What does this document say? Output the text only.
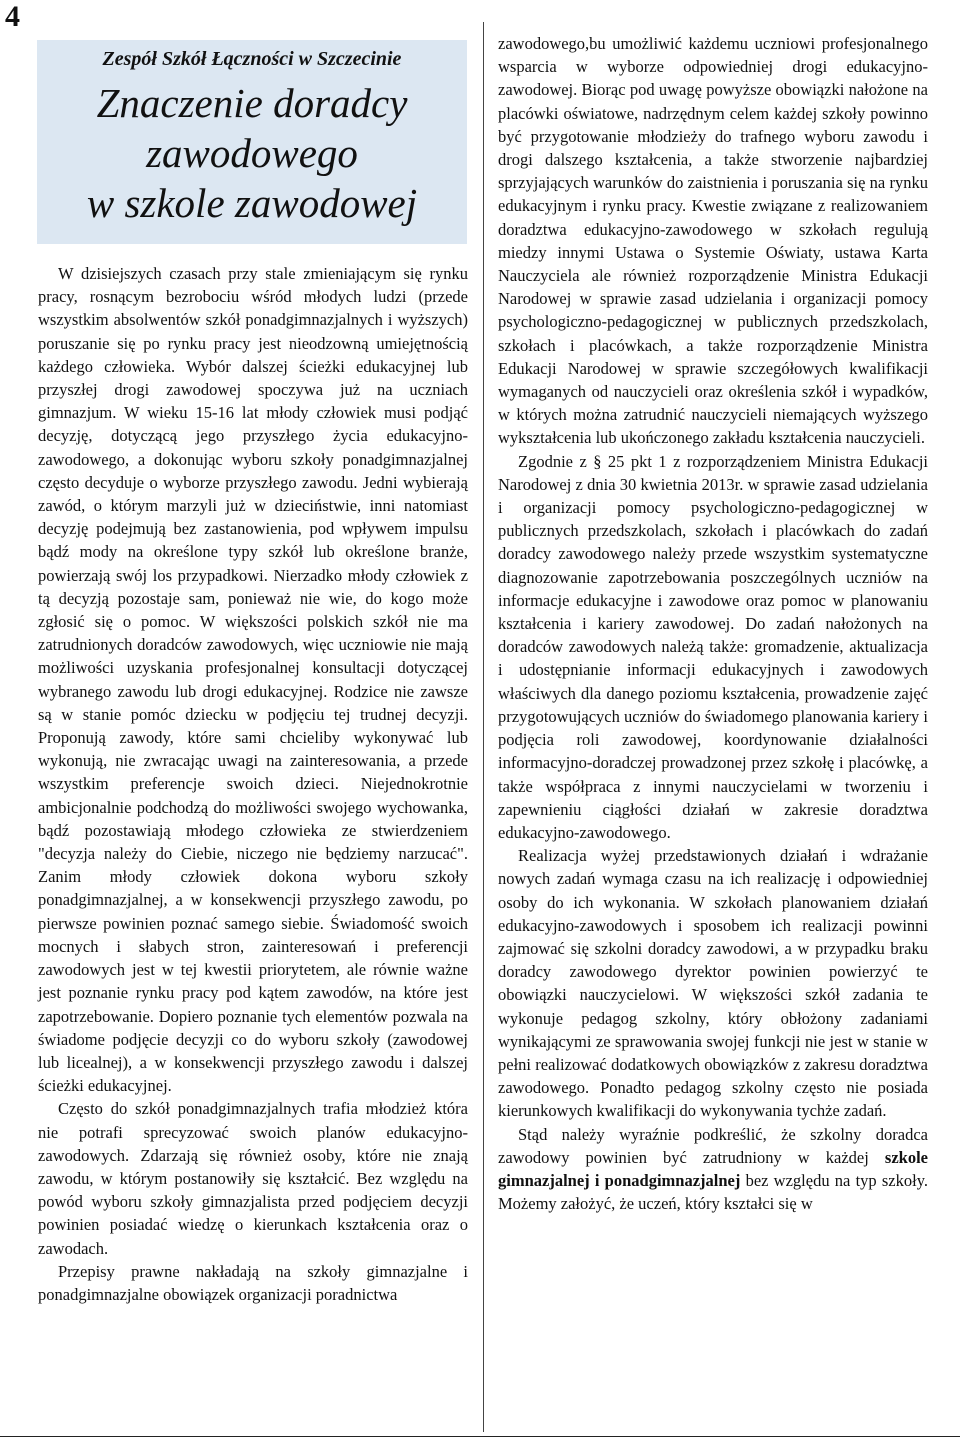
4

Zespół Szkół Łączności w Szczecinie

Znaczenie doradcy
zawodowego
w szkole zawodowej

W dzisiejszych czasach przy stale zmieniającym się rynku pracy, rosnącym bezrobociu wśród młodych ludzi (przede wszystkim absolwentów szkół ponadgimnazjalnych i wyższych) poruszanie się po rynku pracy jest nieodzowną umiejętnością każdego człowieka. Wybór dalszej ścieżki edukacyjnej lub przyszłej drogi zawodowej spoczywa już na uczniach gimnazjum. W wieku 15-16 lat młody człowiek musi podjąć decyzję, dotyczącą jego przyszłego życia edukacyjno-zawodowego, a dokonując wyboru szkoły ponadgimnazjalnej często decyduje o wyborze przyszłego zawodu. Jedni wybierają zawód, o którym marzyli już w dzieciństwie, inni natomiast decyzję podejmują bez zastanowienia, pod wpływem impulsu bądź mody na określone typy szkół lub określone branże, powierzają swój los przypadkowi. Nierzadko młody człowiek z tą decyzją pozostaje sam, ponieważ nie wie, do kogo może zgłosić się o pomoc. W większości polskich szkół nie ma zatrudnionych doradców zawodowych, więc uczniowie nie mają możliwości uzyskania profesjonalnej konsultacji dotyczącej wybranego zawodu lub drogi edukacyjnej. Rodzice nie zawsze są w stanie pomóc dziecku w podjęciu tej trudnej decyzji. Proponują zawody, które sami chcieliby wykonywać lub wykonują, nie zwracając uwagi na zainteresowania, a przede wszystkim preferencje swoich dzieci. Niejednokrotnie ambicjonalnie podchodzą do możliwości swojego wychowanka, bądź pozostawiają młodego człowieka ze stwierdzeniem "decyzja należy do Ciebie, niczego nie będziemy narzucać". Zanim młody człowiek dokona wyboru szkoły ponadgimnazjalnej, a w konsekwencji przyszłego zawodu, po pierwsze powinien poznać samego siebie. Świadomość swoich mocnych i słabych stron, zainteresowań i preferencji zawodowych jest w tej kwestii priorytetem, ale równie ważne jest poznanie rynku pracy pod kątem zawodów, na które jest zapotrzebowanie. Dopiero poznanie tych elementów pozwala na świadome podjęcie decyzji co do wyboru szkoły (zawodowej lub licealnej), a w konsekwencji przyszłego zawodu i dalszej ścieżki edukacyjnej.

Często do szkół ponadgimnazjalnych trafia młodzież która nie potrafi sprecyzować swoich planów edukacyjno-zawodowych. Zdarzają się również osoby, które nie znają zawodu, w którym postanowiły się kształcić. Bez względu na powód wyboru szkoły gimnazjalista przed podjęciem decyzji powinien posiadać wiedzę o kierunkach kształcenia oraz o zawodach.

Przepisy prawne nakładają na szkoły gimnazjalne i ponadgimnazjalne obowiązek organizacji poradnictwa

zawodowego,bu umożliwić każdemu uczniowi profesjonalnego wsparcia w wyborze odpowiedniej drogi edukacyjno-zawodowej. Biorąc pod uwagę powyższe obowiązki nałożone na placówki oświatowe, nadrzędnym celem każdej szkoły powinno być przygotowanie młodzieży do trafnego wyboru zawodu i drogi dalszego kształcenia, a także stworzenie najbardziej sprzyjających warunków do zaistnienia i poruszania się na rynku edukacyjnym i rynku pracy. Kwestie związane z realizowaniem doradztwa edukacyjno-zawodowego w szkołach regulują miedzy innymi Ustawa o Systemie Oświaty, ustawa Karta Nauczyciela ale również rozporządzenie Ministra Edukacji Narodowej w sprawie zasad udzielania i organizacji pomocy psychologiczno-pedagogicznej w publicznych przedszkolach, szkołach i placówkach, a także rozporządzenie Ministra Edukacji Narodowej w sprawie szczegółowych kwalifikacji wymaganych od nauczycieli oraz określenia szkół i wypadków, w których można zatrudnić nauczycieli niemających wyższego wykształcenia lub ukończonego zakładu kształcenia nauczycieli.

Zgodnie z § 25 pkt 1 z rozporządzeniem Ministra Edukacji Narodowej z dnia 30 kwietnia 2013r. w sprawie zasad udzielania i organizacji pomocy psychologiczno-pedagogicznej w publicznych przedszkolach, szkołach i placówkach do zadań doradcy zawodowego należy przede wszystkim systematyczne diagnozowanie zapotrzebowania poszczególnych uczniów na informacje edukacyjne i zawodowe oraz pomoc w planowaniu kształcenia i kariery zawodowej. Do zadań nałożonych na doradców zawodowych należą także: gromadzenie, aktualizacja i udostępnianie informacji edukacyjnych i zawodowych właściwych dla danego poziomu kształcenia, prowadzenie zajęć przygotowujących uczniów do świadomego planowania kariery i podjęcia roli zawodowej, koordynowanie działalności informacyjno-doradczej prowadzonej przez szkołę i placówkę, a także współpraca z innymi nauczycielami w tworzeniu i zapewnieniu ciągłości działań w zakresie doradztwa edukacyjno-zawodowego.

Realizacja wyżej przedstawionych działań i wdrażanie nowych zadań wymaga czasu na ich realizację i odpowiedniej osoby do ich wykonania. W szkołach planowaniem działań edukacyjno-zawodowych i sposobem ich realizacji powinni zajmować się szkolni doradcy zawodowi, a w przypadku braku doradcy zawodowego dyrektor powinien powierzyć te obowiązki nauczycielowi. W większości szkół zadania te wykonuje pedagog szkolny, który obłożony zadaniami wynikającymi ze sprawowania swojej funkcji nie jest w stanie w pełni realizować dodatkowych obowiązków z zakresu doradztwa zawodowego. Ponadto pedagog szkolny często nie posiada kierunkowych kwalifikacji do wykonywania tychże zadań.

Stąd należy wyraźnie podkreślić, że szkolny doradca zawodowy powinien być zatrudniony w każdej szkole gimnazjalnej i ponadgimnazjalnej bez względu na typ szkoły. Możemy założyć, że uczeń, który kształci się w
